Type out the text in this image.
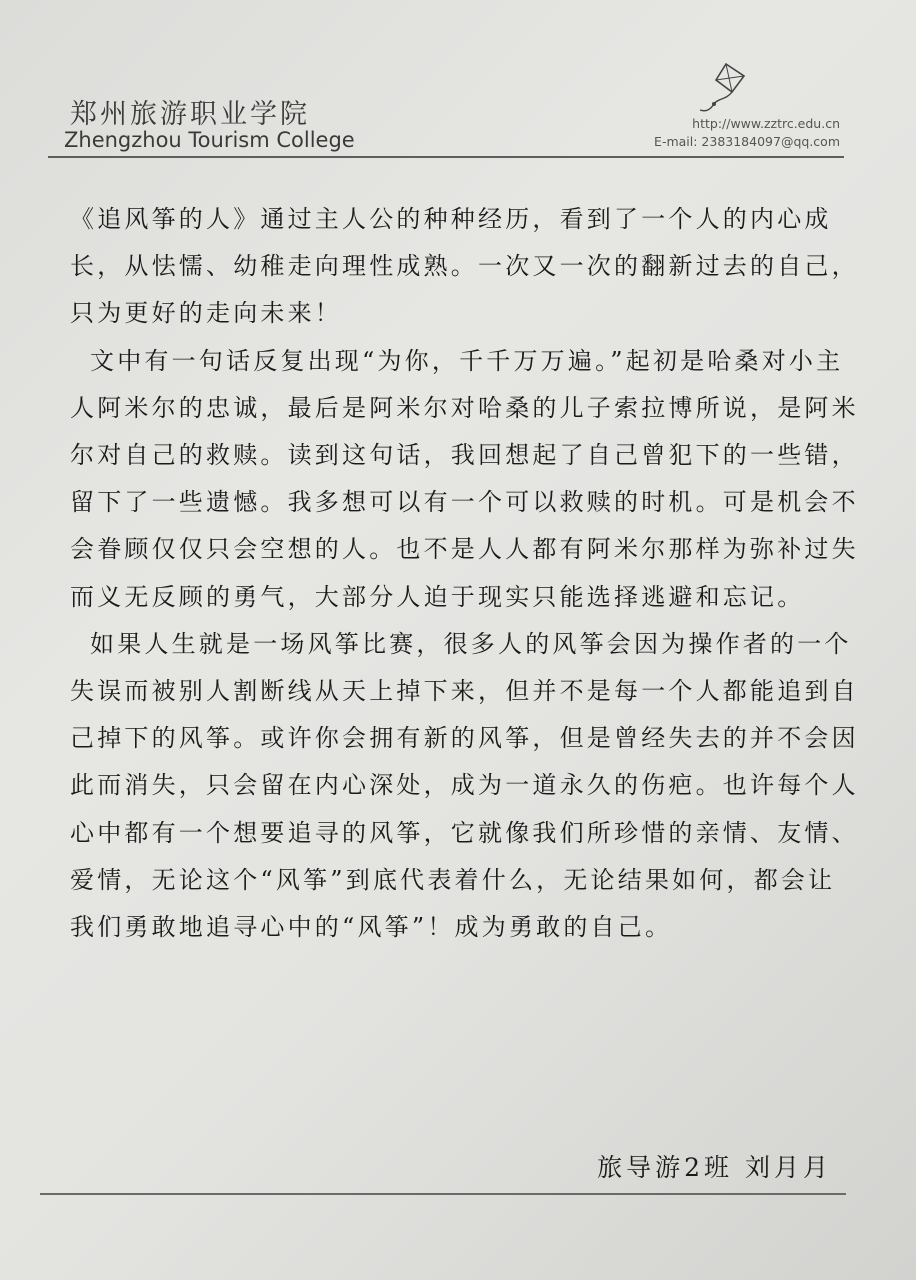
郑州旅游职业学院
Zhengzhou Tourism College
http://www.zztrc.edu.cn
E-mail: 2383184097@qq.com

《追风筝的人》通过主人公的种种经历，看到了一个人的内心成长，从怯懦、幼稚走向理性成熟。一次又一次的翻新过去的自己，只为更好的走向未来！

文中有一句话反复出现“为你，千千万万遍。”起初是哈桑对小主人阿米尔的忠诚，最后是阿米尔对哈桑的儿子索拉博所说，是阿米尔对自己的救赎。读到这句话，我回想起了自己曾犯下的一些错，留下了一些遗憾。我多想可以有一个可以救赎的时机。可是机会不会眷顾仅仅只会空想的人。也不是人人都有阿米尔那样为弥补过失而义无反顾的勇气，大部分人迫于现实只能选择逃避和忘记。

如果人生就是一场风筝比赛，很多人的风筝会因为操作者的一个失误而被别人割断线从天上掉下来，但并不是每一个人都能追到自己掉下的风筝。或许你会拥有新的风筝，但是曾经失去的并不会因此而消失，只会留在内心深处，成为一道永久的伤疤。也许每个人心中都有一个想要追寻的风筝，它就像我们所珍惜的亲情、友情、爱情，无论这个“风筝”到底代表着什么，无论结果如何，都会让我们勇敢地追寻心中的“风筝”！成为勇敢的自己。

旅导游2班 刘月月
